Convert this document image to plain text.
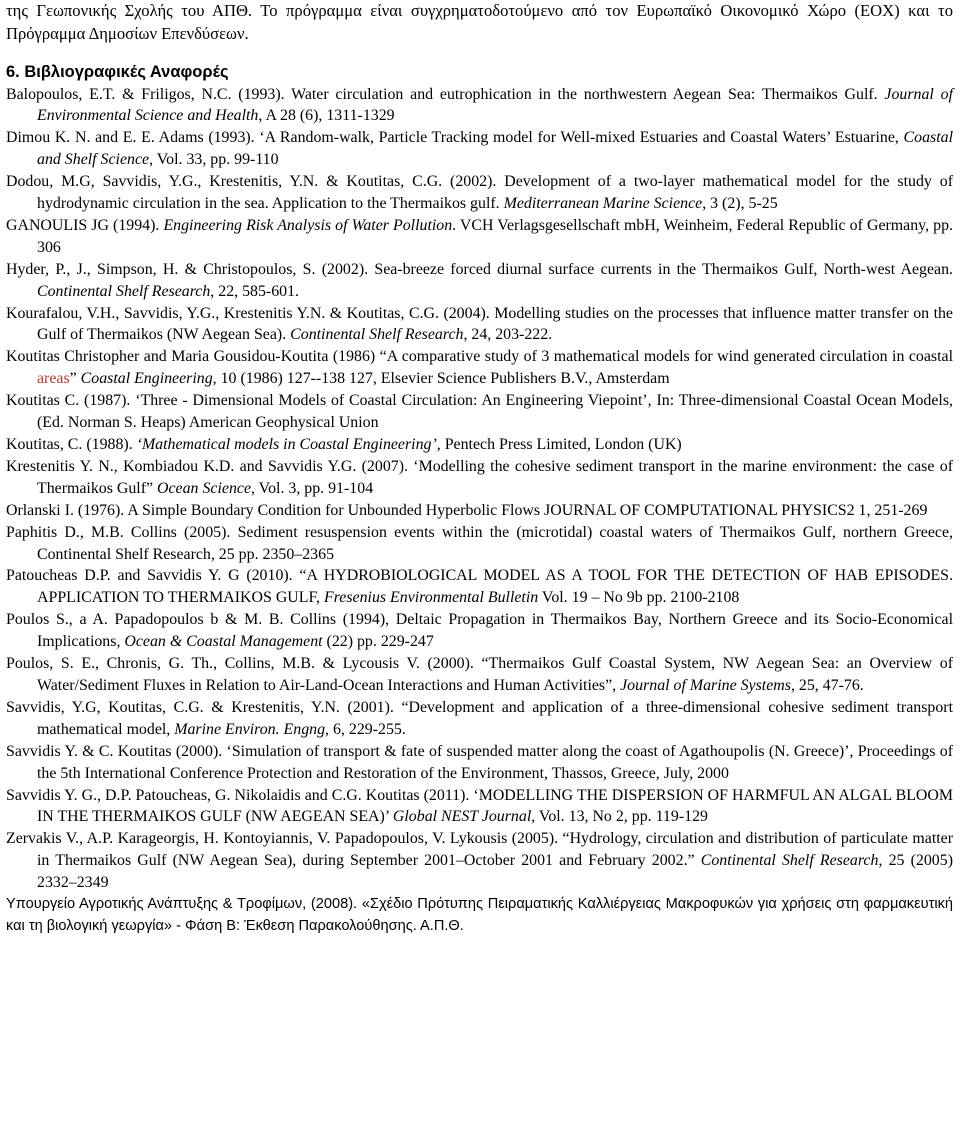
της Γεωπονικής Σχολής του ΑΠΘ. Το πρόγραμμα είναι συγχρηματοδοτούμενο από τον Ευρωπαϊκό Οικονομικό Χώρο (ΕΟΧ) και το Πρόγραμμα Δημοσίων Επενδύσεων.

6. Βιβλιογραφικές Αναφορές

Balopoulos, E.T. & Friligos, N.C. (1993). Water circulation and eutrophication in the northwestern Aegean Sea: Thermaikos Gulf. Journal of Environmental Science and Health, A 28 (6), 1311-1329

Dimou K. N. and E. E. Adams (1993). ‘A Random-walk, Particle Tracking model for Well-mixed Estuaries and Coastal Waters’ Estuarine, Coastal and Shelf Science, Vol. 33, pp. 99-110

Dodou, M.G, Savvidis, Y.G., Krestenitis, Y.N. & Koutitas, C.G. (2002). Development of a two-layer mathematical model for the study of hydrodynamic circulation in the sea. Application to the Thermaikos gulf. Mediterranean Marine Science, 3 (2), 5-25

GANOULIS JG (1994). Engineering Risk Analysis of Water Pollution. VCH Verlagsgesellschaft mbH, Weinheim, Federal Republic of Germany, pp. 306

Hyder, P., J., Simpson, H. & Christopoulos, S. (2002). Sea-breeze forced diurnal surface currents in the Thermaikos Gulf, North-west Aegean. Continental Shelf Research, 22, 585-601.

Kourafalou, V.H., Savvidis, Y.G., Krestenitis Y.N. & Koutitas, C.G. (2004). Modelling studies on the processes that influence matter transfer on the Gulf of Thermaikos (NW Aegean Sea). Continental Shelf Research, 24, 203-222.

Koutitas Christopher and Maria Gousidou-Koutita (1986) “A comparative study of 3 mathematical models for wind generated circulation in coastal areas” Coastal Engineering, 10 (1986) 127--138 127, Elsevier Science Publishers B.V., Amsterdam

Koutitas C. (1987). ‘Three - Dimensional Models of Coastal Circulation: An Engineering Viepoint’, In: Three-dimensional Coastal Ocean Models, (Ed. Norman S. Heaps) American Geophysical Union

Koutitas, C. (1988). ‘Mathematical models in Coastal Engineering’, Pentech Press Limited, London (UK)

Krestenitis Y. N., Kombiadou K.D. and Savvidis Y.G. (2007). ‘Modelling the cohesive sediment transport in the marine environment: the case of Thermaikos Gulf” Ocean Science, Vol. 3, pp. 91-104

Orlanski I. (1976). A Simple Boundary Condition for Unbounded Hyperbolic Flows JOURNAL OF COMPUTATIONAL PHYSICS2 1, 251-269

Paphitis D., M.B. Collins (2005). Sediment resuspension events within the (microtidal) coastal waters of Thermaikos Gulf, northern Greece, Continental Shelf Research, 25 pp. 2350–2365

Patoucheas D.P. and Savvidis Y. G (2010). “A HYDROBIOLOGICAL MODEL AS A TOOL FOR THE DETECTION OF HAB EPISODES. APPLICATION TO THERMAIKOS GULF, Fresenius Environmental Bulletin Vol. 19 – No 9b pp. 2100-2108

Poulos S., a A. Papadopoulos b & M. B. Collins (1994), Deltaic Propagation in Thermaikos Bay, Northern Greece and its Socio-Economical Implications, Ocean & Coastal Management (22) pp. 229-247

Poulos, S. E., Chronis, G. Th., Collins, M.B. & Lycousis V. (2000). “Thermaikos Gulf Coastal System, NW Aegean Sea: an Overview of Water/Sediment Fluxes in Relation to Air-Land-Ocean Interactions and Human Activities”, Journal of Marine Systems, 25, 47-76.

Savvidis, Y.G, Koutitas, C.G. & Krestenitis, Y.N. (2001). “Development and application of a three-dimensional cohesive sediment transport mathematical model, Marine Environ. Engng, 6, 229-255.

Savvidis Y. & C. Koutitas (2000). ‘Simulation of transport & fate of suspended matter along the coast of Agathoupolis (N. Greece)’, Proceedings of the 5th International Conference Protection and Restoration of the Environment, Thassos, Greece, July, 2000

Savvidis Y. G., D.P. Patoucheas, G. Nikolaidis and C.G. Koutitas (2011). ‘MODELLING THE DISPERSION OF HARMFUL AN ALGAL BLOOM IN THE THERMAIKOS GULF (NW AEGEAN SEA)’ Global NEST Journal, Vol. 13, No 2, pp. 119-129

Zervakis V., A.P. Karageorgis, H. Kontoyiannis, V. Papadopoulos, V. Lykousis (2005). “Hydrology, circulation and distribution of particulate matter in Thermaikos Gulf (NW Aegean Sea), during September 2001–October 2001 and February 2002.” Continental Shelf Research, 25 (2005) 2332–2349

Υπουργείο Αγροτικής Ανάπτυξης & Τροφίμων, (2008). «Σχέδιο Πρότυπης Πειραματικής Καλλιέργειας Μακροφυκών για χρήσεις στη φαρμακευτική και τη βιολογική γεωργία» - Φάση Β: Έκθεση Παρακολούθησης. Α.Π.Θ.
